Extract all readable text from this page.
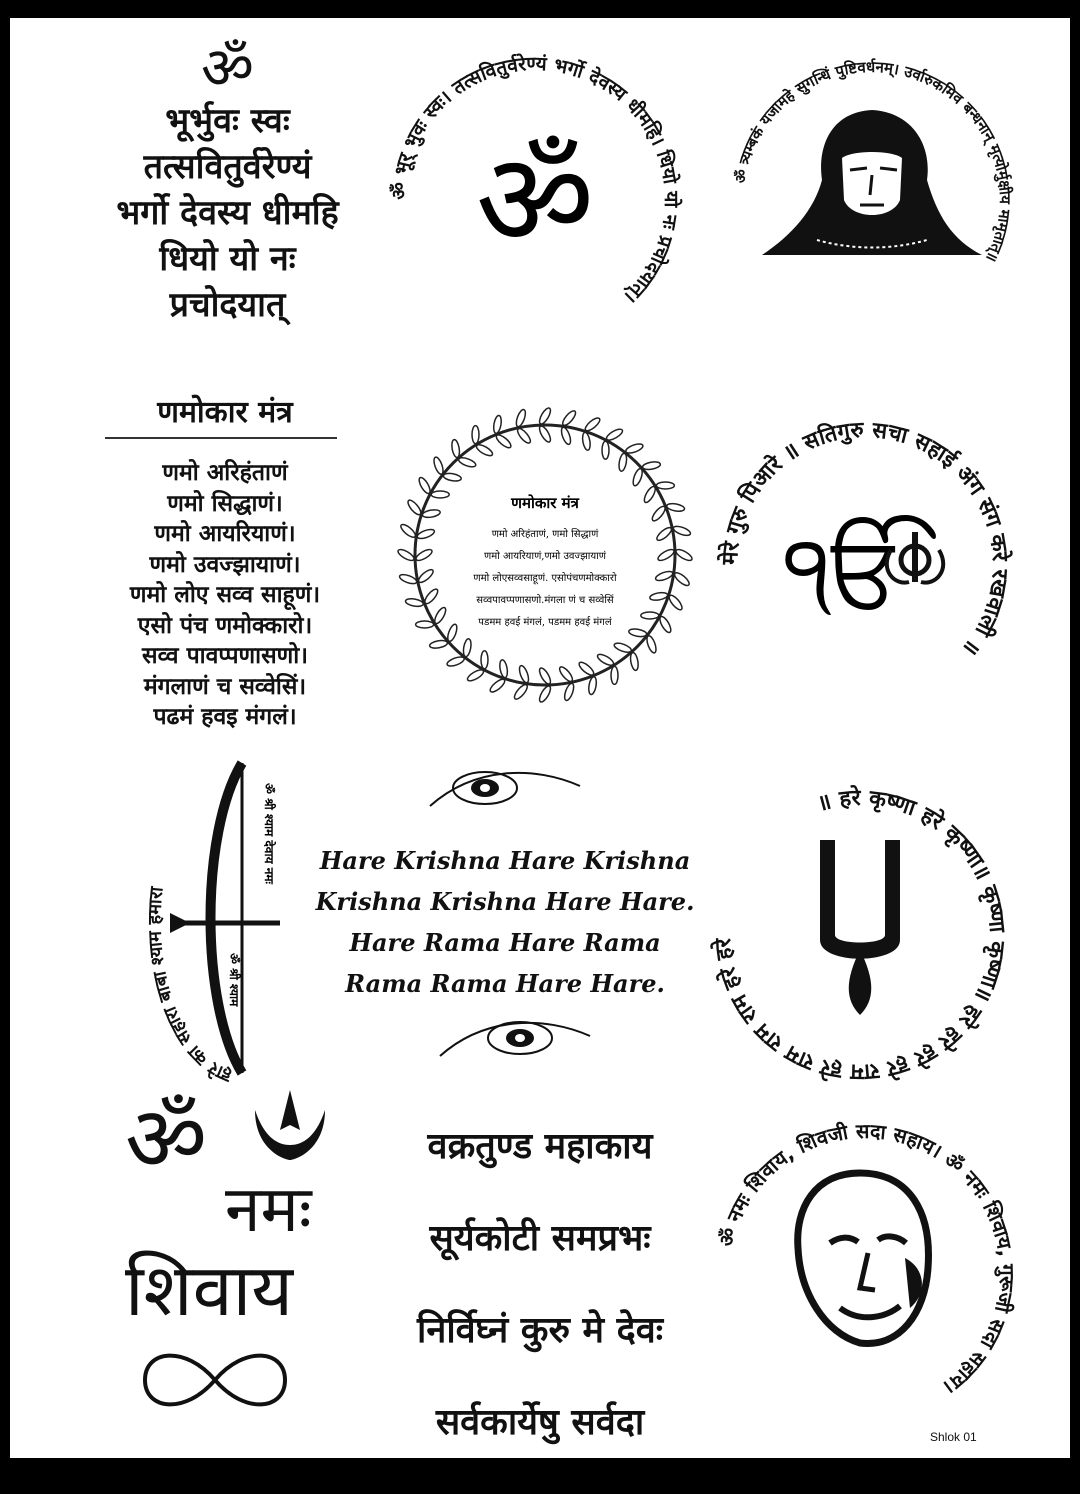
ॐ
भूर्भुवः स्वः
तत्सवितुर्वरेण्यं
भर्गो देवस्य धीमहि
धियो यो नः
प्रचोदयात्
ॐ भूर् भुवः स्वः। तत्सवितुर्वरेण्यं भर्गो देवस्य धीमहि। धियो यो नः प्रचोदयात्।
ॐ	ॐ त्र्यम्बकं यजामहे सुगन्धिं पुष्टिवर्धनम्। उर्वारुकमिव बन्धनान् मृत्योर्मुक्षीय मामृतात्॥
णमोकार मंत्र
णमो अरिहंताणं
णमो सिद्धाणं।
णमो आयरियाणं।
णमो उवज्झायाणं।
णमो लोए सव्व साहूणं।
एसो पंच णमोक्कारो।
सव्व पावप्पणासणो।
मंगलाणं च सव्वेसिं।
पढमं हवइ मंगलं।
णमोकार मंत्र
णमो अरिहंताणं, णमो सिद्धाणं
णमो आयरियाणं,णमो उवज्झायाणं
णमो लोएसव्वसाहूणं. एसोपंचणमोक्कारो
सव्वपावप्पणासणो.मंगला णं च सव्वेसिं
पडमम हवई मंगलं, पडमम हवई मंगलं
मेरे गुरु पिआरे ॥ सतिगुरु सचा सहाई अंग संग करे रखवाली ॥
ੴ
हारे का सहारा बाबा श्याम हमारा
ॐ श्री श्याम देवाय नमः
ॐ श्री श्याम
Hare Krishna Hare Krishna
Krishna Krishna Hare Hare.
Hare Rama Hare Rama
Rama Rama Hare Hare.
॥ हरे कृष्णा हरे कृष्णा॥ कृष्णा कृष्णा॥ हरे हरे हरे हरे राम हरे राम राम राम हरे हरे
ॐ
नमः
शिवाय
वक्रतुण्ड महाकाय
सूर्यकोटी समप्रभः
निर्विघ्नं कुरु मे देवः
सर्वकार्येषु सर्वदा
ॐ नमः शिवाय, शिवजी सदा सहाय। ॐ नमः शिवाय, गुरूजी सदा सहाय।
Shlok 01
